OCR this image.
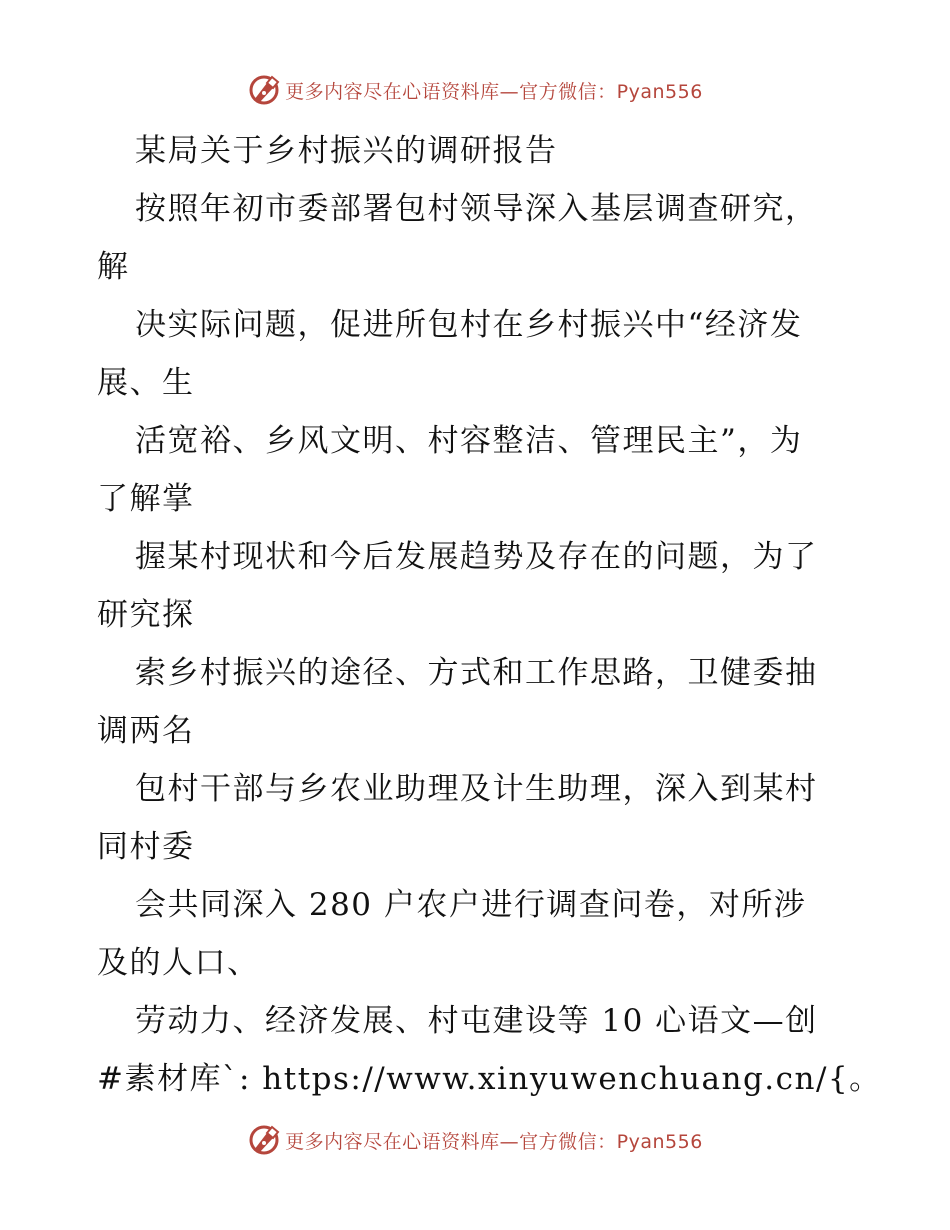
更多内容尽在心语资料库—官方微信：Pyan556
某局关于乡村振兴的调研报告
按照年初市委部署包村领导深入基层调查研究，
解
决实际问题，促进所包村在乡村振兴中“经济发
展、生
活宽裕、乡风文明、村容整洁、管理民主”，为
了解掌
握某村现状和今后发展趋势及存在的问题，为了
研究探
索乡村振兴的途径、方式和工作思路，卫健委抽
调两名
包村干部与乡农业助理及计生助理，深入到某村
同村委
会共同深入 280 户农户进行调查问卷，对所涉
及的人口、
劳动力、经济发展、村屯建设等 10 心语文—创
#素材库`: https://www.xinyuwenchuang.cn/{。
更多内容尽在心语资料库—官方微信：Pyan556
